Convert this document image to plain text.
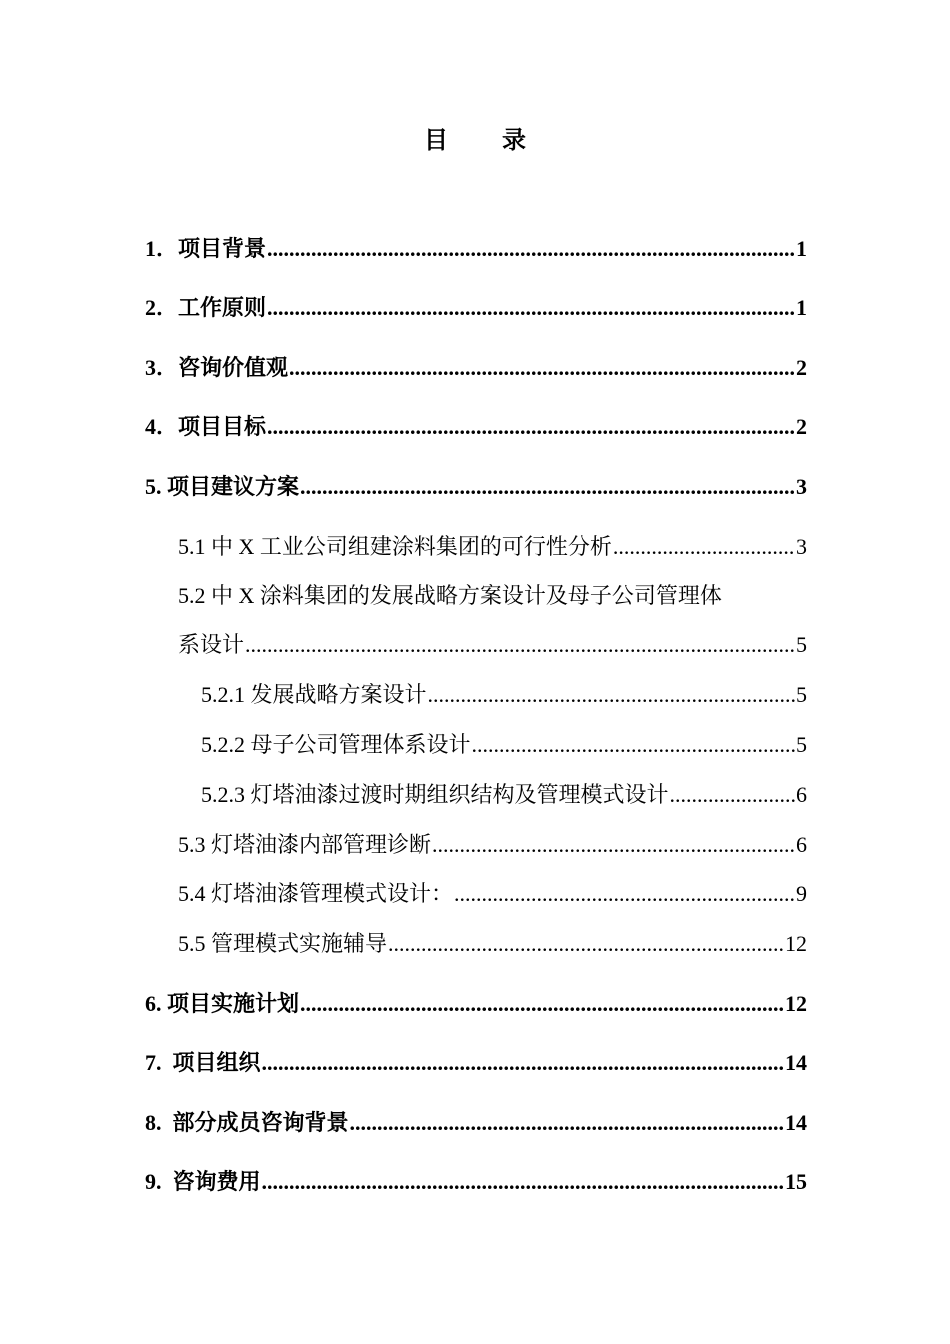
目 录
1．项目背景 .....	1
2．工作原则 .....	1
3．咨询价值观 .....	2
4．项目目标 .....	2
5. 项目建议方案 .....	3
5.1 中 X 工业公司组建涂料集团的可行性分析 .....	3
5.2 中 X 涂料集团的发展战略方案设计及母子公司管理体
系设计 .....	5
5.2.1 发展战略方案设计 .....	5
5.2.2 母子公司管理体系设计 .....	5
5.2.3 灯塔油漆过渡时期组织结构及管理模式设计 .....	6
5.3 灯塔油漆内部管理诊断 .....	6
5.4 灯塔油漆管理模式设计： .....	9
5.5 管理模式实施辅导 .....	12
6. 项目实施计划 .....	12
7.  项目组织 .....	14
8.  部分成员咨询背景 .....	14
9.  咨询费用 .....	15
